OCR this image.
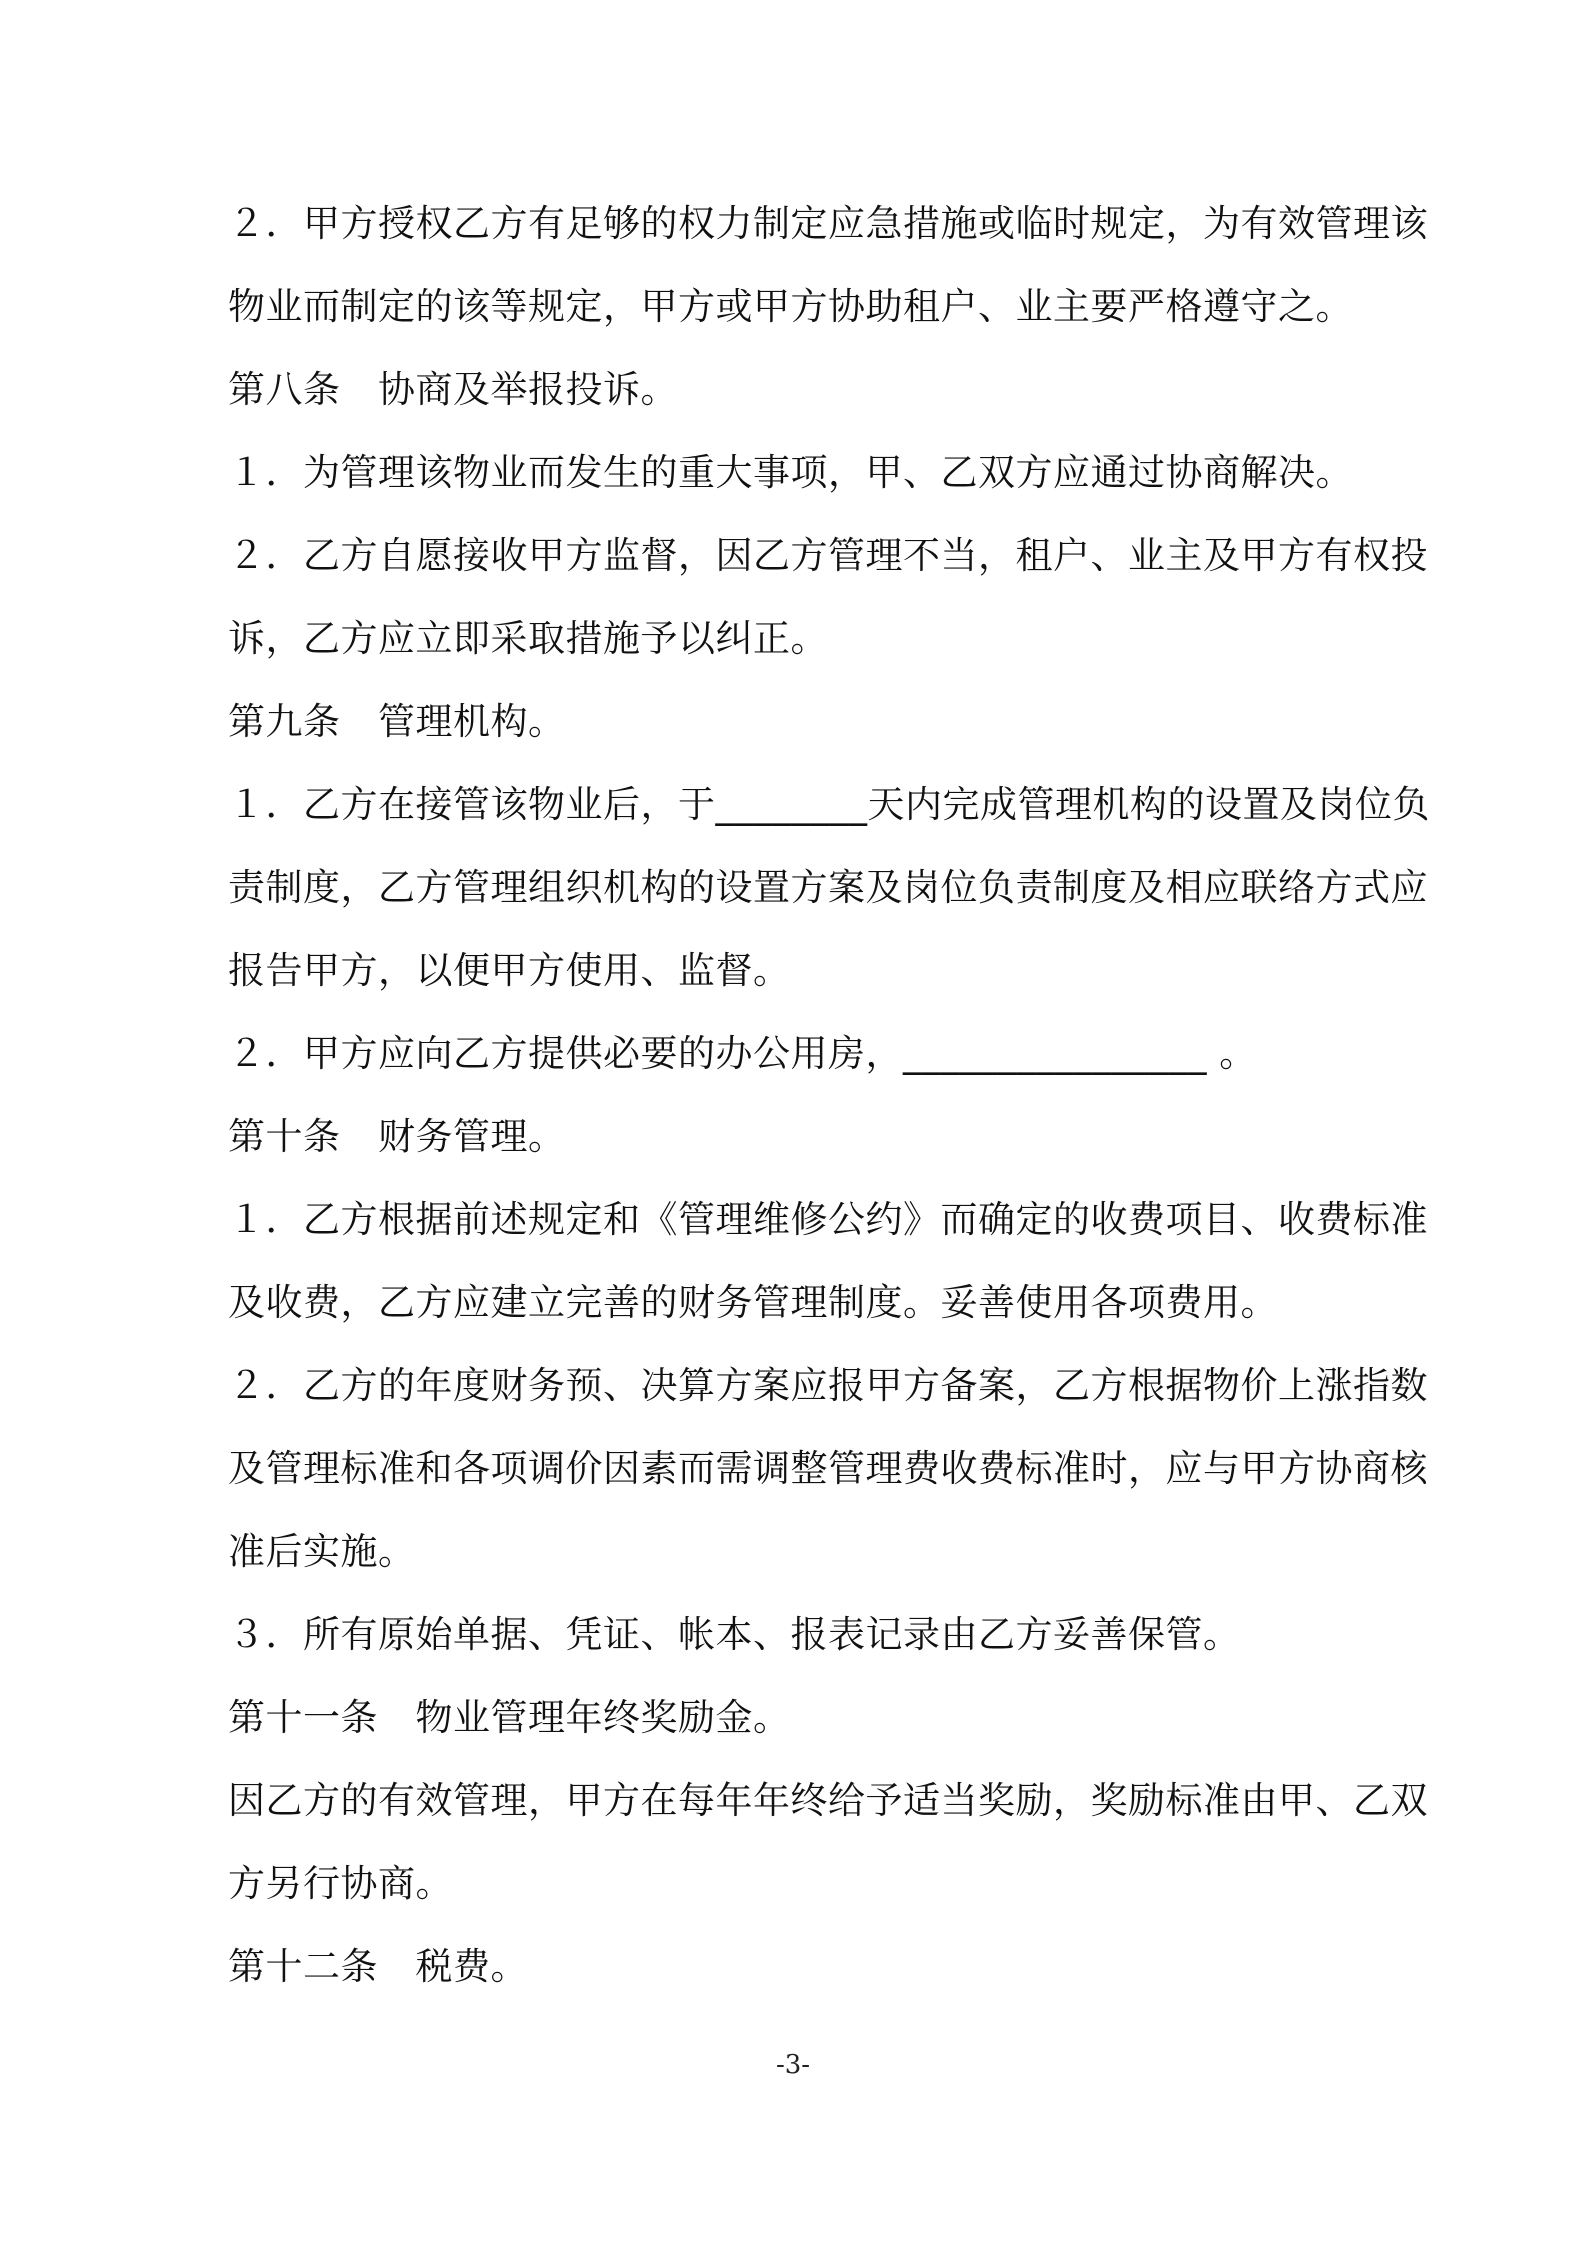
２．甲方授权乙方有足够的权力制定应急措施或临时规定，为有效管理该
物业而制定的该等规定，甲方或甲方协助租户、业主要严格遵守之。
第八条　协商及举报投诉。
１．为管理该物业而发生的重大事项，甲、乙双方应通过协商解决。
２．乙方自愿接收甲方监督，因乙方管理不当，租户、业主及甲方有权投
诉，乙方应立即采取措施予以纠正。
第九条　管理机构。
１．乙方在接管该物业后，于________天内完成管理机构的设置及岗位负
责制度，乙方管理组织机构的设置方案及岗位负责制度及相应联络方式应
报告甲方，以便甲方使用、监督。
２．甲方应向乙方提供必要的办公用房，________________ 。
第十条　财务管理。
１．乙方根据前述规定和《管理维修公约》而确定的收费项目、收费标准
及收费，乙方应建立完善的财务管理制度。妥善使用各项费用。
２．乙方的年度财务预、决算方案应报甲方备案，乙方根据物价上涨指数
及管理标准和各项调价因素而需调整管理费收费标准时，应与甲方协商核
准后实施。
３．所有原始单据、凭证、帐本、报表记录由乙方妥善保管。
第十一条　物业管理年终奖励金。
因乙方的有效管理，甲方在每年年终给予适当奖励，奖励标准由甲、乙双
方另行协商。
第十二条　税费。
-3-
